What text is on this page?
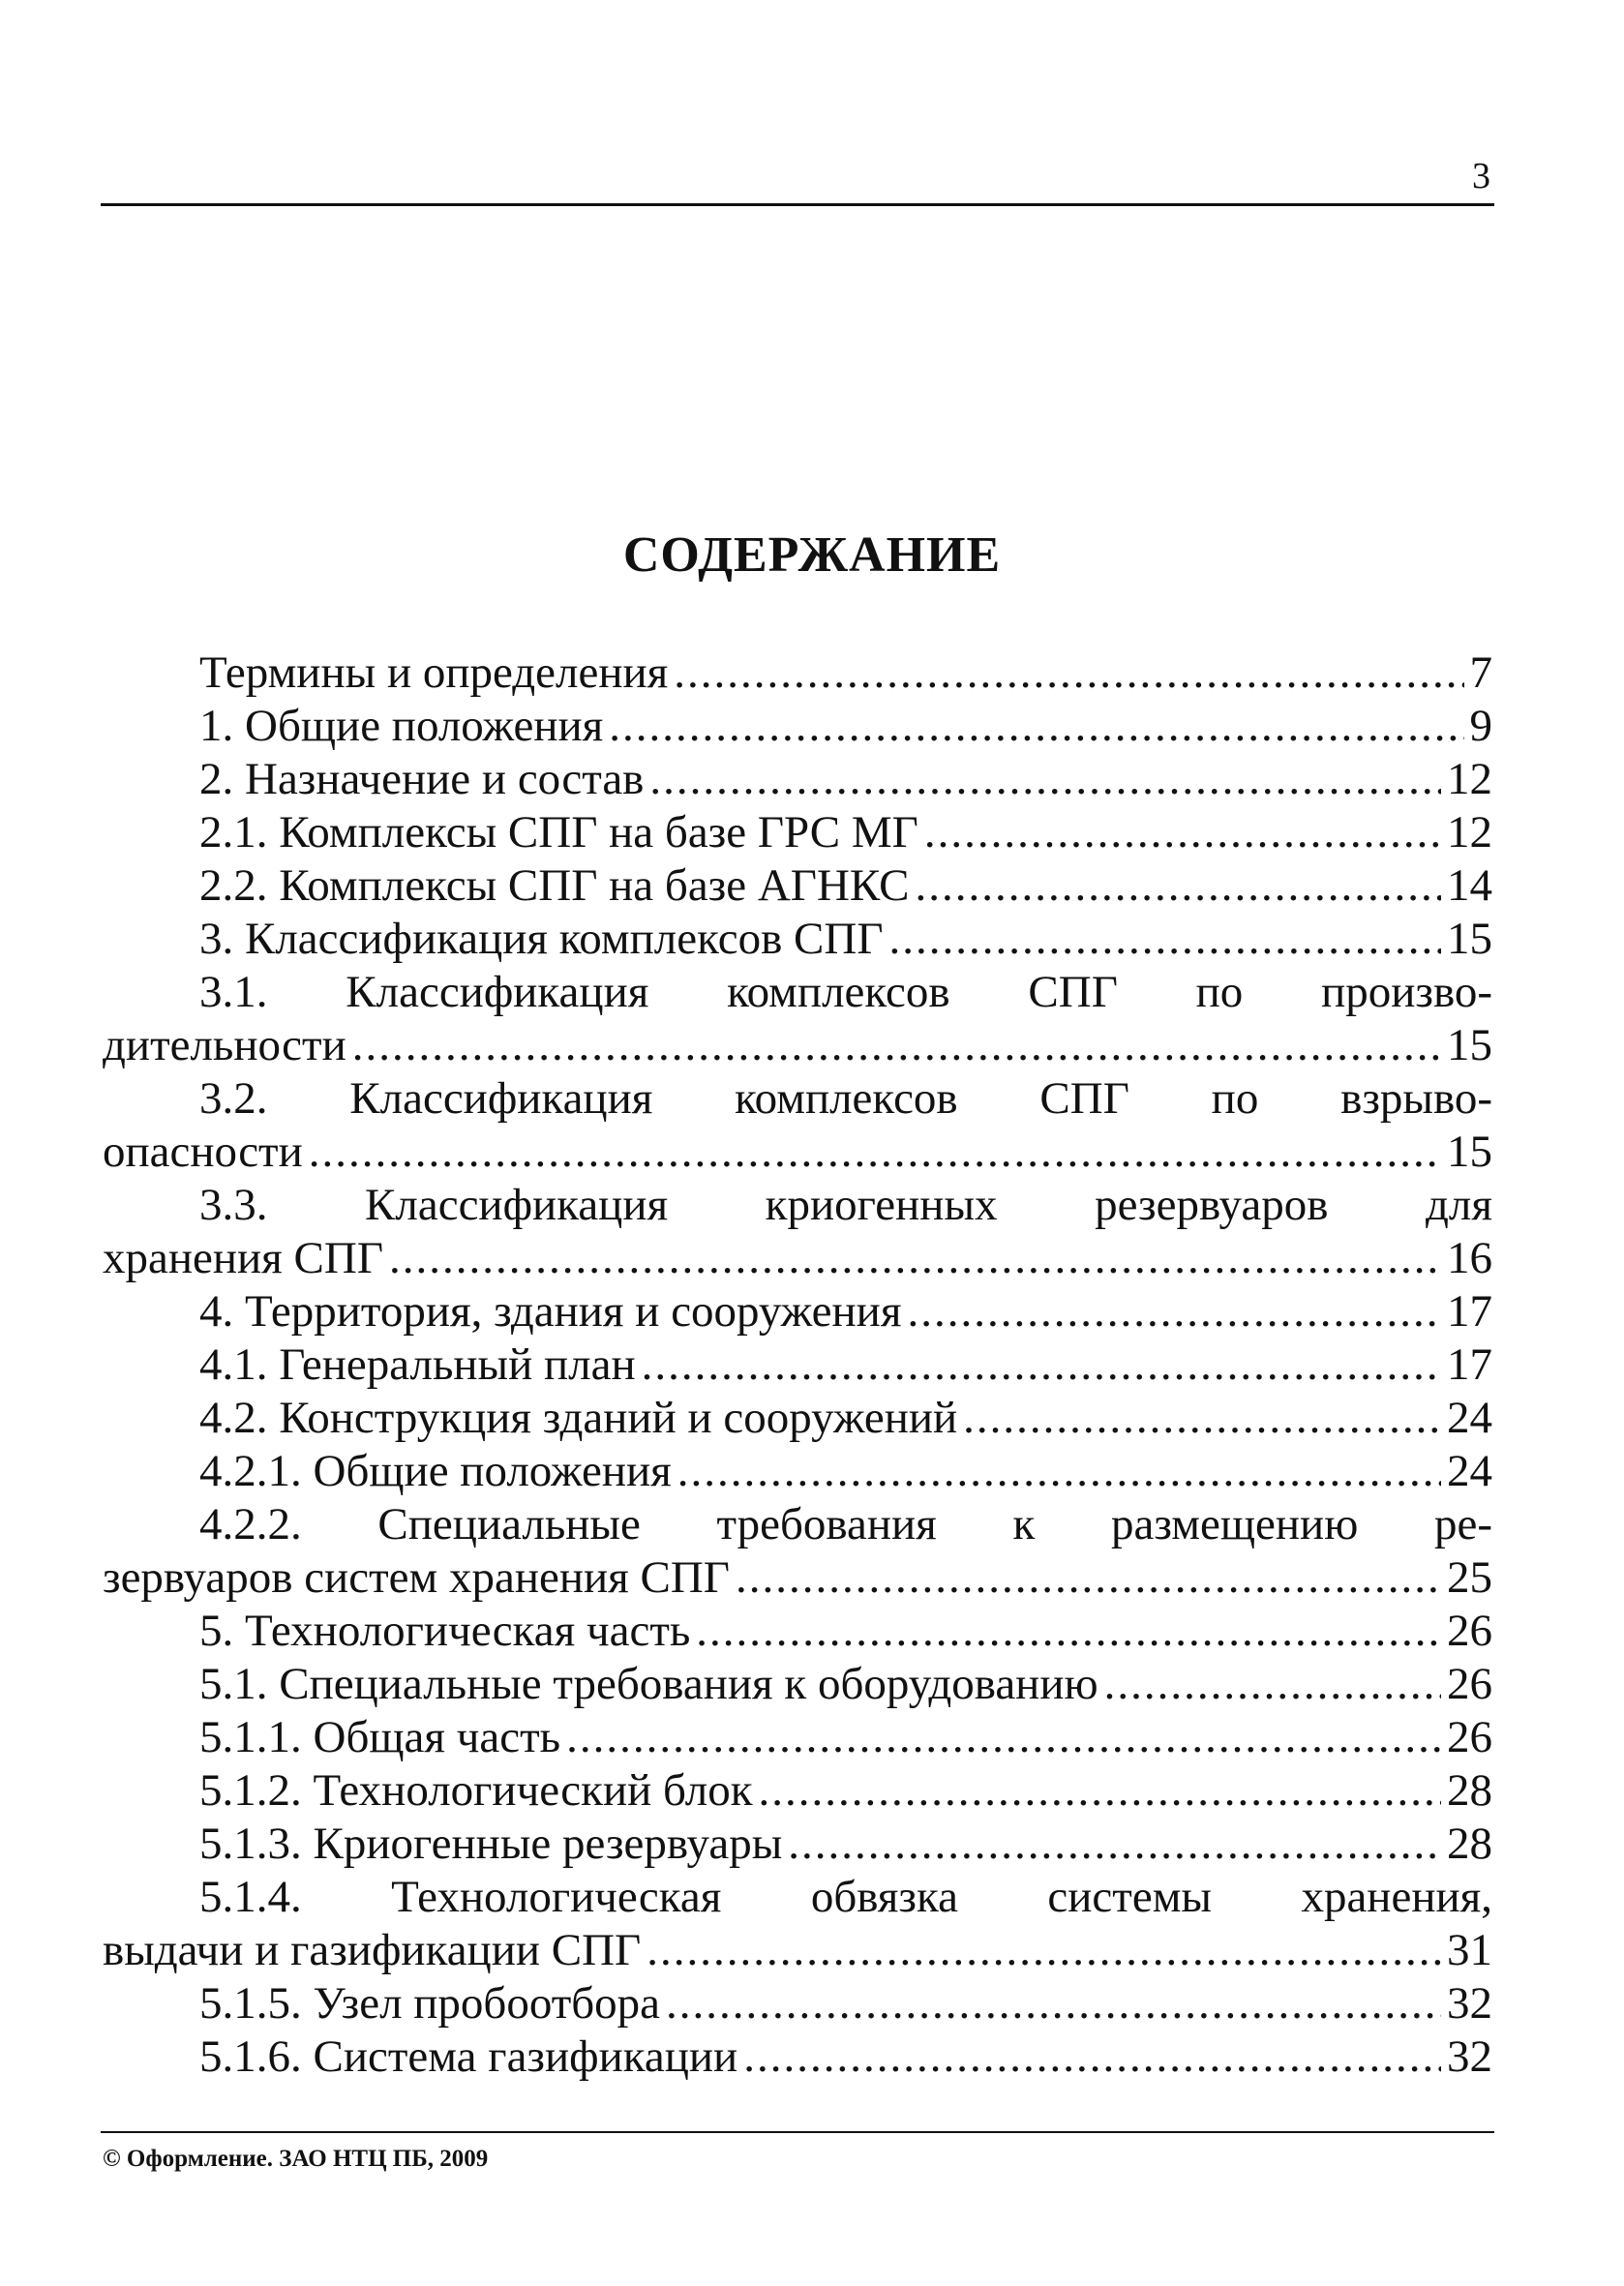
3
СОДЕРЖАНИЕ
Термины и определения .....	7
1. Общие положения .....	9
2. Назначение и состав .....	12
2.1. Комплексы СПГ на базе ГРС МГ .....	12
2.2. Комплексы СПГ на базе АГНКС .....	14
3. Классификация комплексов СПГ .....	15
3.1. Классификация комплексов СПГ по произво-
дительности .....	15
3.2. Классификация комплексов СПГ по взрыво-
опасности .....	15
3.3. Классификация криогенных резервуаров для
хранения СПГ .....	16
4. Территория, здания и сооружения .....	17
4.1. Генеральный план .....	17
4.2. Конструкция зданий и сооружений .....	24
4.2.1. Общие положения .....	24
4.2.2. Специальные требования к размещению ре-
зервуаров систем хранения СПГ .....	25
5. Технологическая часть .....	26
5.1. Специальные требования к оборудованию .....	26
5.1.1. Общая часть .....	26
5.1.2. Технологический блок .....	28
5.1.3. Криогенные резервуары .....	28
5.1.4. Технологическая обвязка системы хранения,
выдачи и газификации СПГ .....	31
5.1.5. Узел пробоотбора .....	32
5.1.6. Система газификации .....	32
© Оформление. ЗАО НТЦ ПБ, 2009
